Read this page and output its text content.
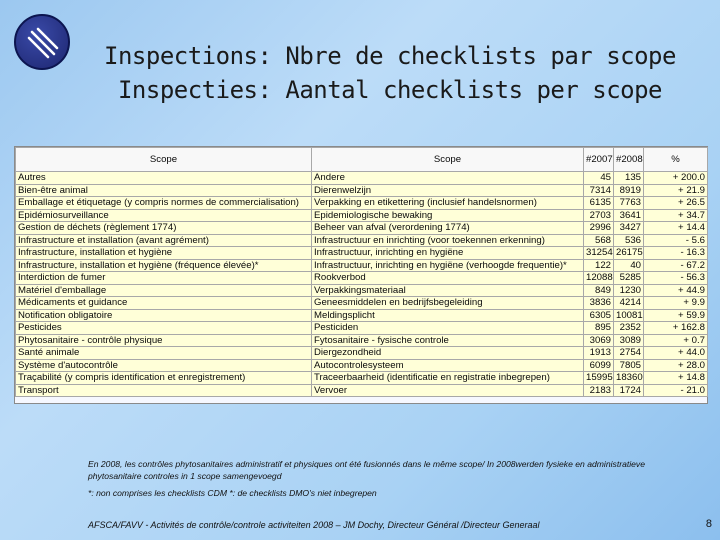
Inspections: Nbre de checklists par scope
Inspecties: Aantal checklists per scope
Scope	Scope	#2007	#2008	%
Autres	Andere	45	135	+ 200.0
Bien-être animal	Dierenwelzijn	7314	8919	+ 21.9
Emballage et étiquetage (y compris normes de commercialisation)	Verpakking en etikettering (inclusief handelsnormen)	6135	7763	+ 26.5
Epidémiosurveillance	Epidemiologische bewaking	2703	3641	+ 34.7
Gestion de déchets (règlement 1774)	Beheer van afval (verordening 1774)	2996	3427	+ 14.4
Infrastructure et installation (avant agrément)	Infrastructuur en inrichting (voor toekennen erkenning)	568	536	- 5.6
Infrastructure, installation et hygiène	Infrastructuur, inrichting en hygiëne	31254	26175	- 16.3
Infrastructure, installation et hygiène (fréquence élevée)*	Infrastructuur, inrichting en hygiëne (verhoogde frequentie)*	122	40	- 67.2
Interdiction de fumer	Rookverbod	12088	5285	- 56.3
Matériel d'emballage	Verpakkingsmateriaal	849	1230	+ 44.9
Médicaments et guidance	Geneesmiddelen en bedrijfsbegeleiding	3836	4214	+ 9.9
Notification obligatoire	Meldingsplicht	6305	10081	+ 59.9
Pesticides	Pesticiden	895	2352	+ 162.8
Phytosanitaire - contrôle physique	Fytosanitaire - fysische controle	3069	3089	+ 0.7
Santé animale	Diergezondheid	1913	2754	+ 44.0
Système d'autocontrôle	Autocontrolesysteem	6099	7805	+ 28.0
Traçabilité (y compris identification et enregistrement)	Traceerbaarheid (identificatie en registratie inbegrepen)	15995	18360	+ 14.8
Transport	Vervoer	2183	1724	- 21.0
En 2008, les contrôles phytosanitaires administratif et physiques ont été fusionnés dans le même scope/ In 2008werden fysieke en administratieve phytosanitaire controles in 1 scope samengevoegd
*: non comprises les checklists CDM *: de checklists DMO's niet inbegrepen
AFSCA/FAVV - Activités de contrôle/controle activiteiten 2008 – JM Dochy, Directeur Général /Directeur Generaal	8
